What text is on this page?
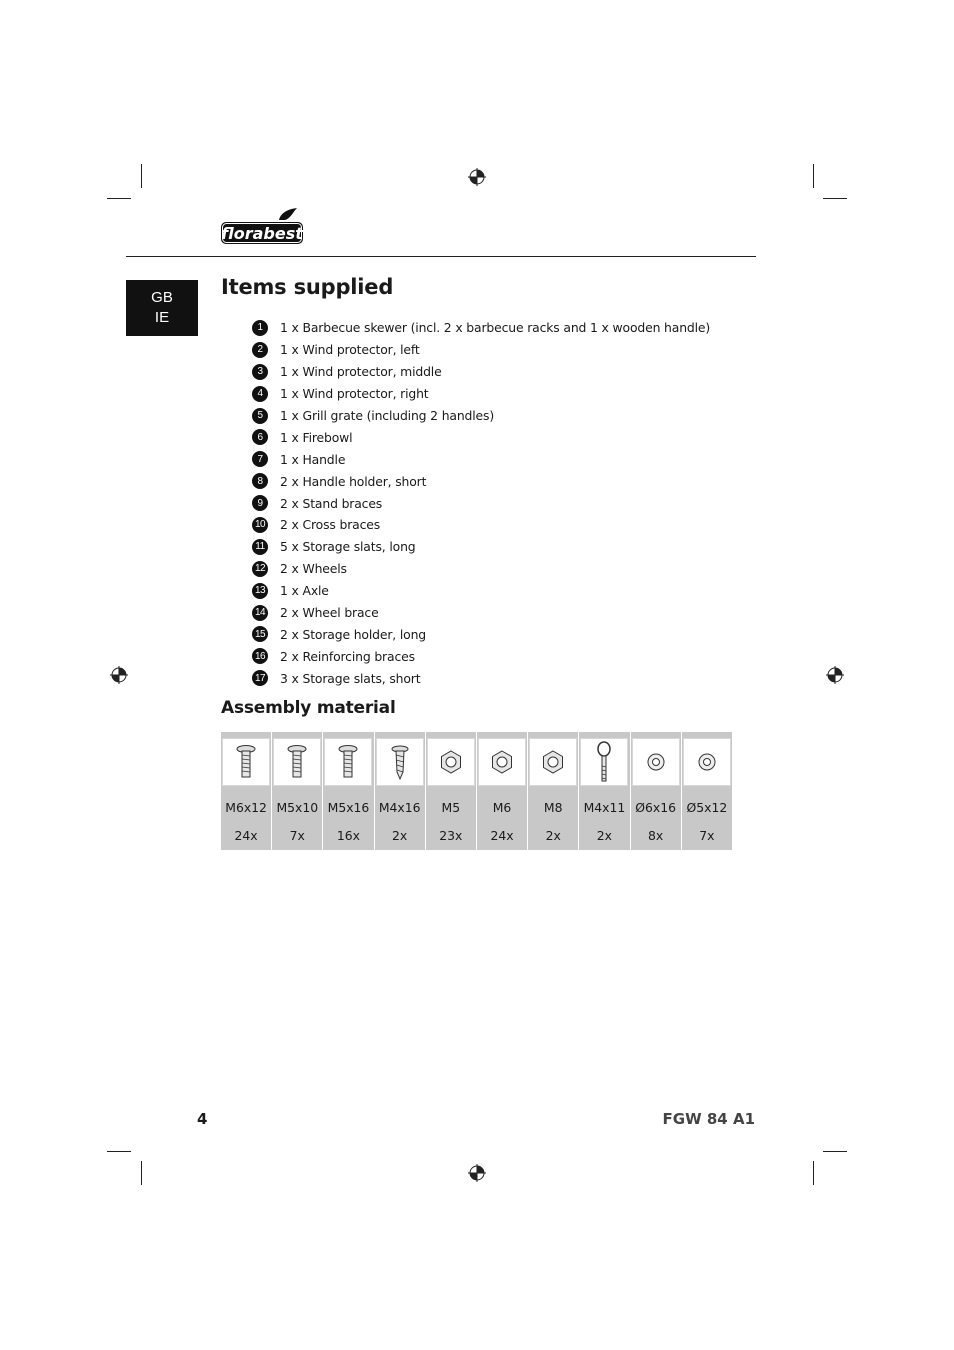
florabest
GB
IE
Items supplied
1	1 x Barbecue skewer (incl. 2 x barbecue racks and 1 x wooden handle)
2	1 x Wind protector, left
3	1 x Wind protector, middle
4	1 x Wind protector, right
5	1 x Grill grate (including 2 handles)
6	1 x Firebowl
7	1 x Handle
8	2 x Handle holder, short
9	2 x Stand braces
10 2 x Cross braces
11 5 x Storage slats, long
12 2 x Wheels
13 1 x Axle
14 2 x Wheel brace
15 2 x Storage holder, long
16 2 x Reinforcing braces
17 3 x Storage slats, short
Assembly material

M6x12	M5x10	M5x16	M4x16	M5	M6	M8	M4x11	Ø6x16	Ø5x12
24x	7x	16x	2x	23x	24x	2x	2x	8x	7x
4	FGW 84 A1
